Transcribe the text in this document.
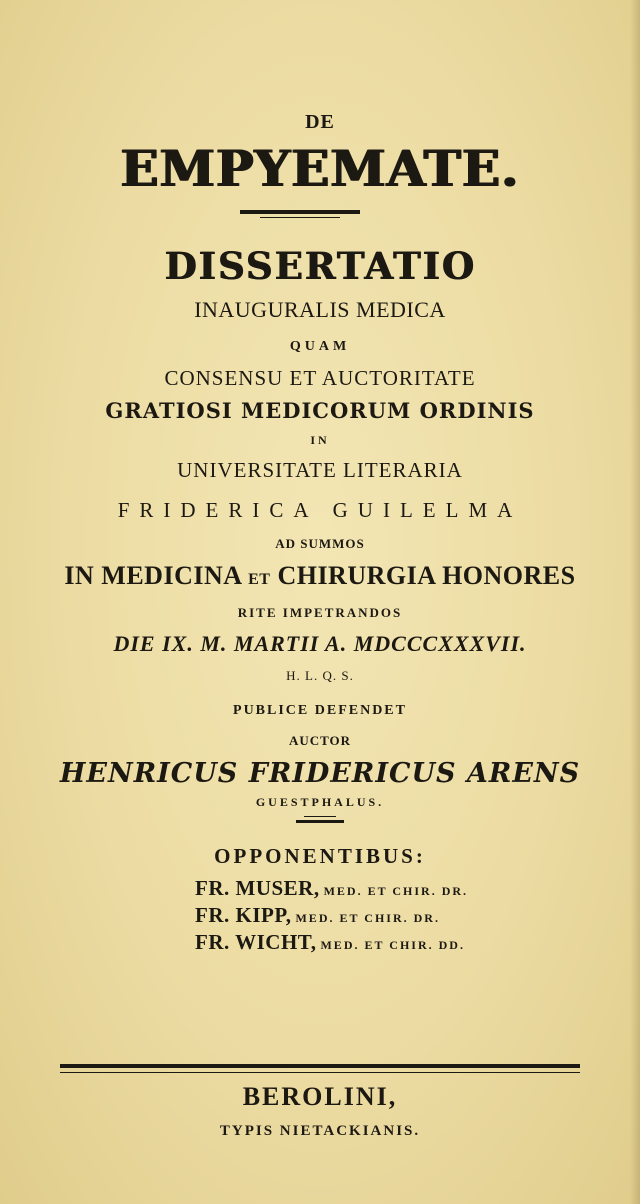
DE
EMPYEMATE.
DISSERTATIO
INAUGURALIS MEDICA
QUAM
CONSENSU ET AUCTORITATE
GRATIOSI MEDICORUM ORDINIS
IN
UNIVERSITATE LITERARIA
FRIDERICA GUILELMA
AD SUMMOS
IN MEDICINA ET CHIRURGIA HONORES
RITE IMPETRANDOS
DIE IX. M. MARTII A. MDCCCXXXVII.
H. L. Q. S.
PUBLICE DEFENDET
AUCTOR
HENRICUS FRIDERICUS ARENS
GUESTPHALUS.
OPPONENTIBUS:
FR. MUSER, MED. ET CHIR. DR.
FR. KIPP, MED. ET CHIR. DR.
FR. WICHT, MED. ET CHIR. DD.
BEROLINI,
TYPIS NIETACKIANIS.
